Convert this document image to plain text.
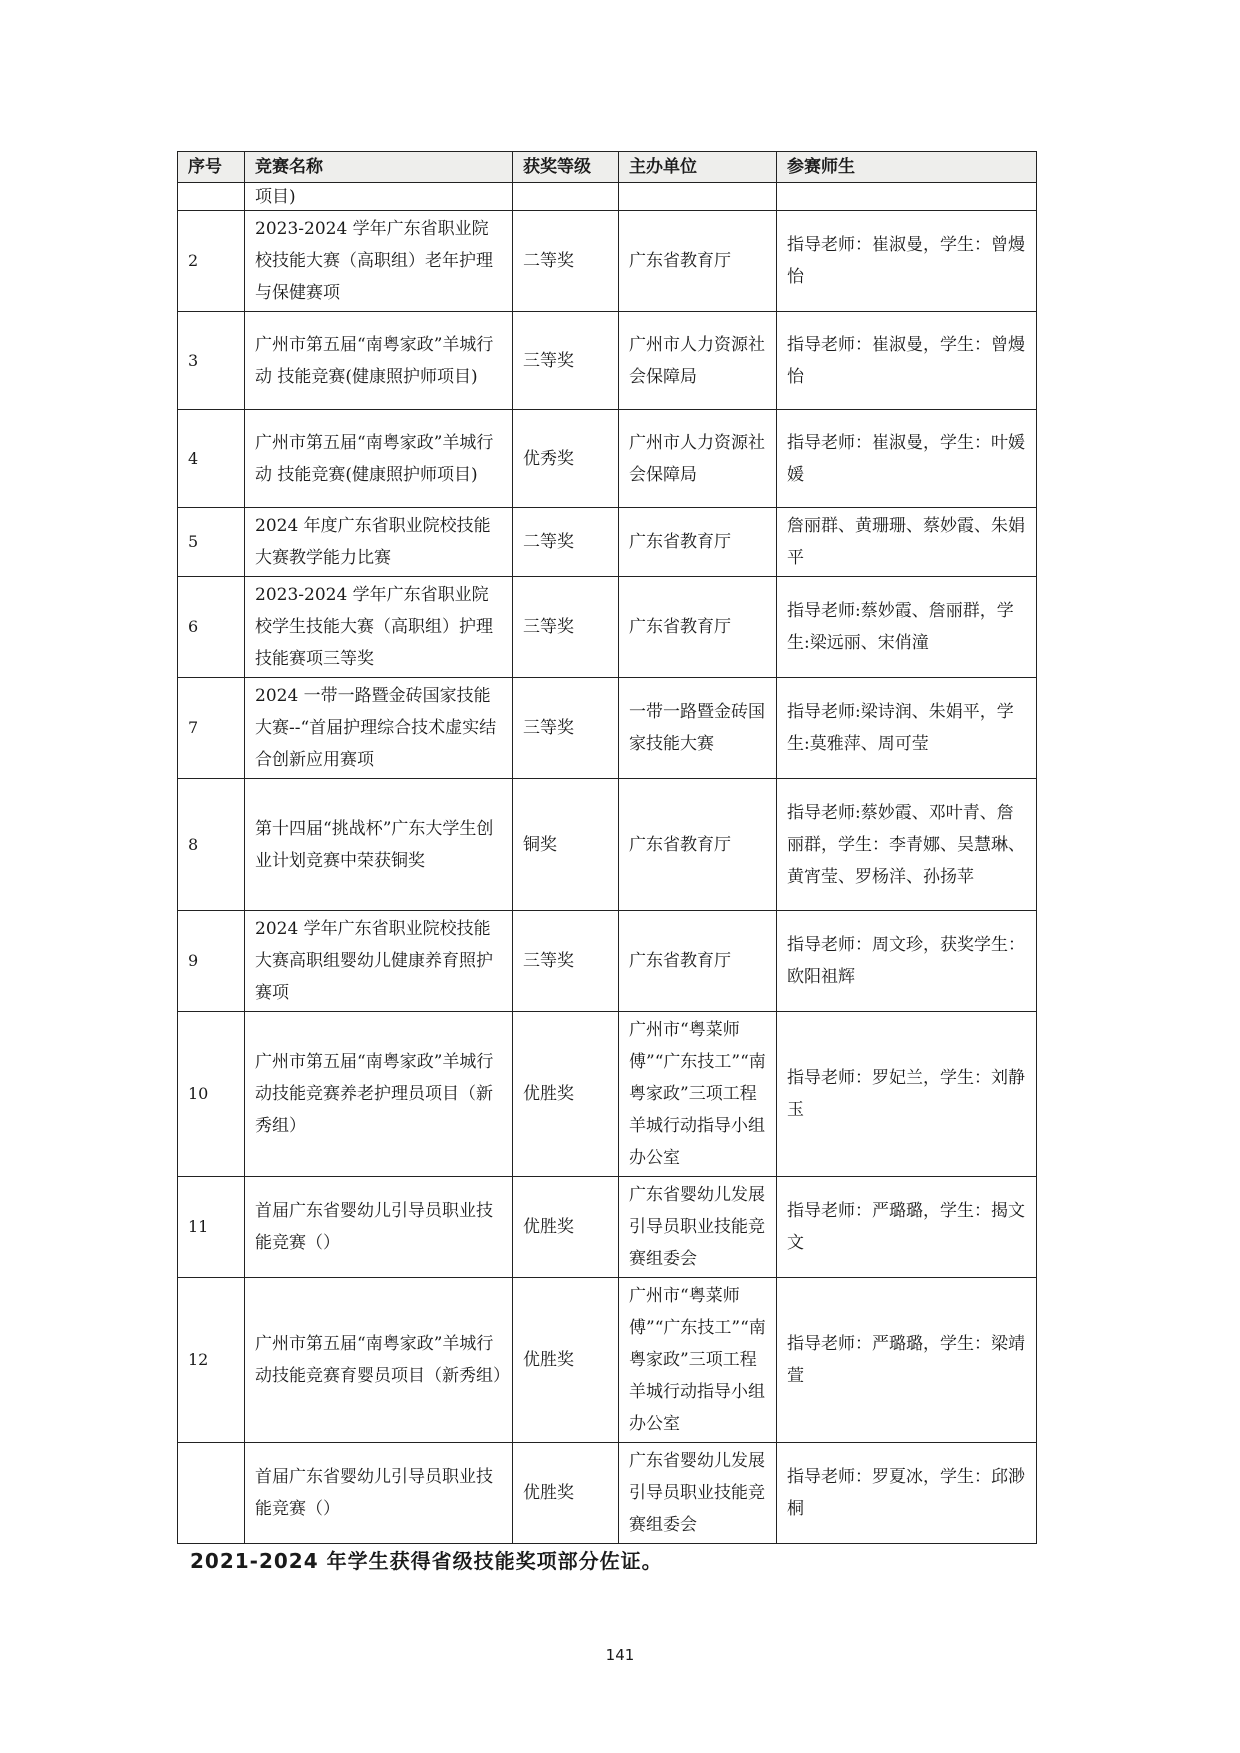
序号	竞赛名称	获奖等级	主办单位	参赛师生
	项目)			
2	2023-2024 学年广东省职业院校技能大赛（高职组）老年护理与保健赛项	二等奖	广东省教育厅	指导老师：崔淑曼，学生：曾熳怡
3	广州市第五届“南粤家政”羊城行动 技能竞赛(健康照护师项目)	三等奖	广州市人力资源社会保障局	指导老师：崔淑曼，学生：曾熳怡
4	广州市第五届“南粤家政”羊城行动 技能竞赛(健康照护师项目)	优秀奖	广州市人力资源社会保障局	指导老师：崔淑曼，学生：叶媛媛
5	2024 年度广东省职业院校技能大赛教学能力比赛	二等奖	广东省教育厅	詹丽群、黄珊珊、蔡妙霞、朱娟平
6	2023-2024 学年广东省职业院校学生技能大赛（高职组）护理技能赛项三等奖	三等奖	广东省教育厅	指导老师:蔡妙霞、詹丽群，学生:梁远丽、宋俏潼
7	2024 一带一路暨金砖国家技能大赛--“首届护理综合技术虚实结合创新应用赛项	三等奖	一带一路暨金砖国家技能大赛	指导老师:梁诗润、朱娟平，学生:莫雅萍、周可莹
8	第十四届“挑战杯”广东大学生创业计划竞赛中荣获铜奖	铜奖	广东省教育厅	指导老师:蔡妙霞、邓叶青、詹丽群，学生：李青娜、吴慧琳、黄宵莹、罗杨洋、孙扬苹
9	2024 学年广东省职业院校技能大赛高职组婴幼儿健康养育照护赛项	三等奖	广东省教育厅	指导老师：周文珍，获奖学生：欧阳祖辉
10	广州市第五届“南粤家政”羊城行动技能竞赛养老护理员项目（新秀组）	优胜奖	广州市“粤菜师傅”“广东技工”“南粤家政”三项工程羊城行动指导小组办公室	指导老师：罗妃兰，学生：刘静玉
11	首届广东省婴幼儿引导员职业技能竞赛（）	优胜奖	广东省婴幼儿发展引导员职业技能竞赛组委会	指导老师：严璐璐，学生：揭文文
12	广州市第五届“南粤家政”羊城行动技能竞赛育婴员项目（新秀组）	优胜奖	广州市“粤菜师傅”“广东技工”“南粤家政”三项工程羊城行动指导小组办公室	指导老师：严璐璐，学生：梁靖萱
	首届广东省婴幼儿引导员职业技能竞赛（）	优胜奖	广东省婴幼儿发展引导员职业技能竞赛组委会	指导老师：罗夏冰，学生：邱渺桐
2021-2024 年学生获得省级技能奖项部分佐证。
141
